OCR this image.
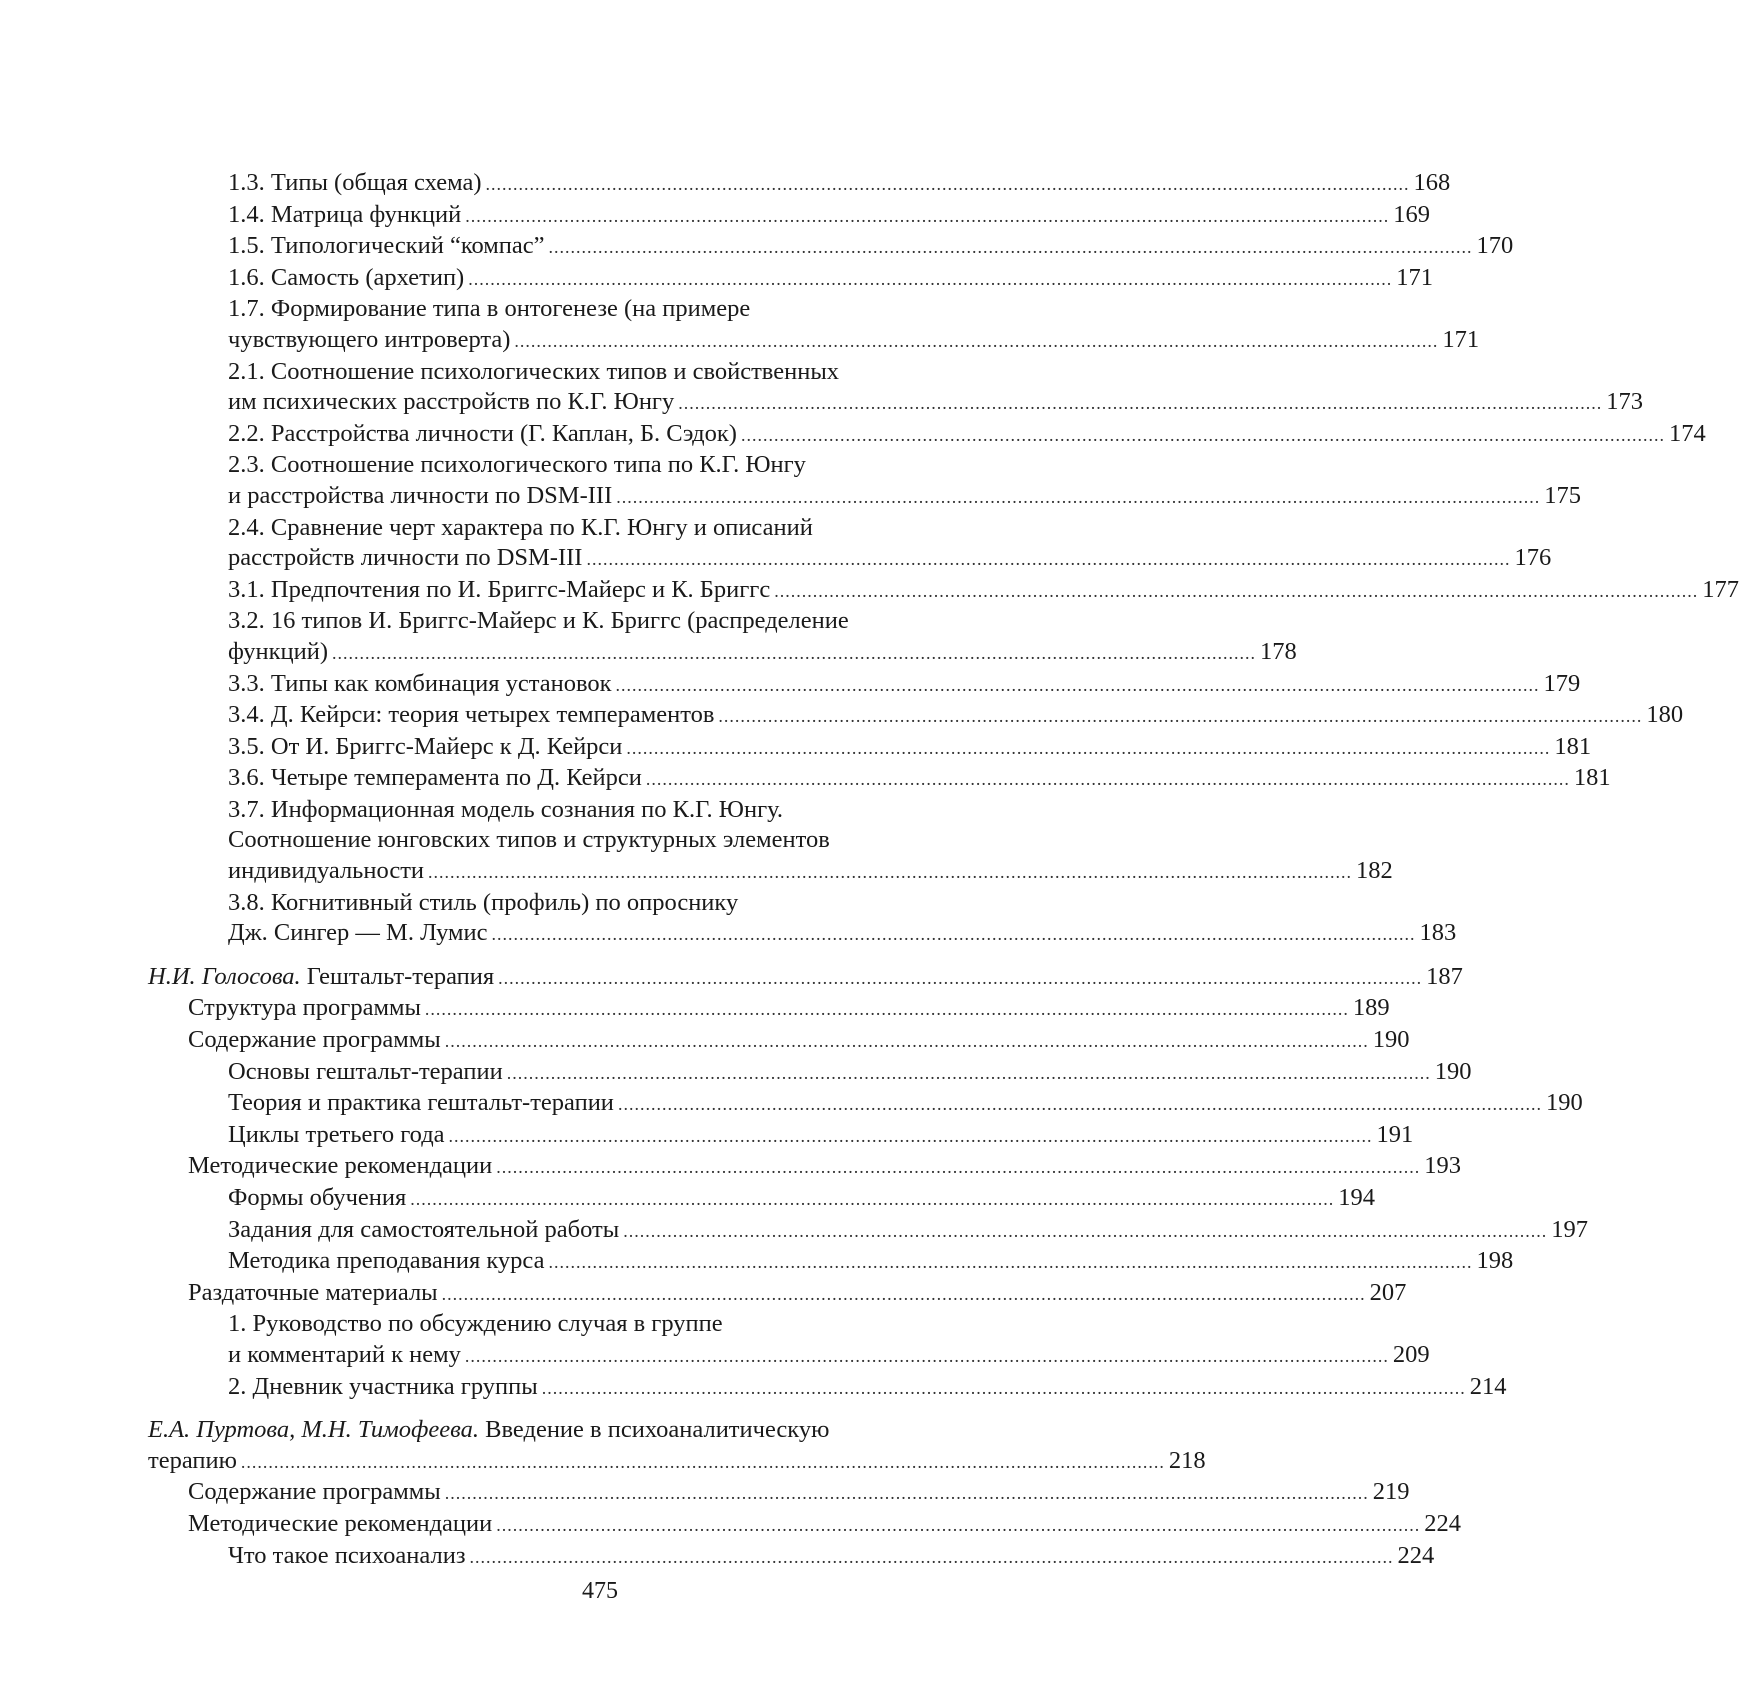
1.3. Типы (общая схема) ........................................................................................................................................................................ 168
1.4. Матрица функций ........................................................................................................................................................................ 169
1.5. Типологический “компас” ........................................................................................................................................................................ 170
1.6. Самость (архетип) ........................................................................................................................................................................ 171
1.7. Формирование типа в онтогенезе (на примере
чувствующего интроверта) ........................................................................................................................................................................ 171
2.1. Соотношение психологических типов и свойственных
им психических расстройств по К.Г. Юнгу ........................................................................................................................................................................ 173
2.2. Расстройства личности (Г. Каплан, Б. Сэдок) ........................................................................................................................................................................ 174
2.3. Соотношение психологического типа по К.Г. Юнгу
и расстройства личности по DSM-III ........................................................................................................................................................................ 175
2.4. Сравнение черт характера по К.Г. Юнгу и описаний
расстройств личности по DSM-III ........................................................................................................................................................................ 176
3.1. Предпочтения по И. Бриггс-Майерс и К. Бриггс ........................................................................................................................................................................ 177
3.2. 16 типов И. Бриггс-Майерс и К. Бриггс (распределение
функций) ........................................................................................................................................................................ 178
3.3. Типы как комбинация установок ........................................................................................................................................................................ 179
3.4. Д. Кейрси: теория четырех темпераментов ........................................................................................................................................................................ 180
3.5. От И. Бриггс-Майерс к Д. Кейрси ........................................................................................................................................................................ 181
3.6. Четыре темперамента по Д. Кейрси ........................................................................................................................................................................ 181
3.7. Информационная модель сознания по К.Г. Юнгу.
Соотношение юнговских типов и структурных элементов
индивидуальности ........................................................................................................................................................................ 182
3.8. Когнитивный стиль (профиль) по опроснику
Дж. Сингер — М. Лумис ........................................................................................................................................................................ 183
Н.И. Голосова. Гештальт-терапия ........................................................................................................................................................................ 187
Структура программы ........................................................................................................................................................................ 189
Содержание программы ........................................................................................................................................................................ 190
Основы гештальт-терапии ........................................................................................................................................................................ 190
Теория и практика гештальт-терапии ........................................................................................................................................................................ 190
Циклы третьего года ........................................................................................................................................................................ 191
Методические рекомендации ........................................................................................................................................................................ 193
Формы обучения ........................................................................................................................................................................ 194
Задания для самостоятельной работы ........................................................................................................................................................................ 197
Методика преподавания курса ........................................................................................................................................................................ 198
Раздаточные материалы ........................................................................................................................................................................ 207
1. Руководство по обсуждению случая в группе
и комментарий к нему ........................................................................................................................................................................ 209
2. Дневник участника группы ........................................................................................................................................................................ 214
Е.А. Пуртова, М.Н. Тимофеева. Введение в психоаналитическую
терапию ........................................................................................................................................................................ 218
Содержание программы ........................................................................................................................................................................ 219
Методические рекомендации ........................................................................................................................................................................ 224
Что такое психоанализ ........................................................................................................................................................................ 224
475
